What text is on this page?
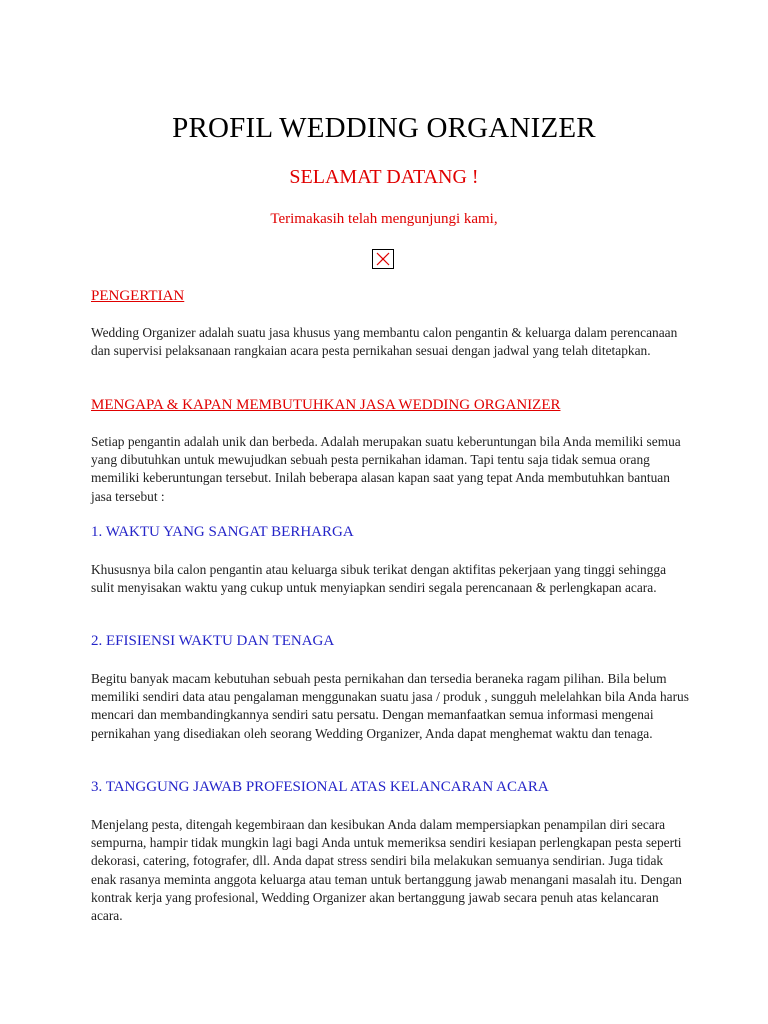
PROFIL WEDDING ORGANIZER

SELAMAT DATANG !

Terimakasih telah mengunjungi kami,

PENGERTIAN

Wedding Organizer adalah suatu jasa khusus yang membantu calon pengantin & keluarga dalam perencanaan dan supervisi pelaksanaan rangkaian acara pesta pernikahan sesuai dengan jadwal yang telah ditetapkan.

MENGAPA & KAPAN MEMBUTUHKAN JASA WEDDING ORGANIZER

Setiap pengantin adalah unik dan berbeda. Adalah merupakan suatu keberuntungan bila Anda memiliki semua yang dibutuhkan untuk mewujudkan sebuah pesta pernikahan idaman. Tapi tentu saja tidak semua orang memiliki keberuntungan tersebut. Inilah beberapa alasan kapan saat yang tepat Anda membutuhkan bantuan jasa tersebut :

1. WAKTU YANG SANGAT BERHARGA

Khususnya bila calon pengantin atau keluarga sibuk terikat dengan aktifitas pekerjaan yang tinggi sehingga sulit menyisakan waktu yang cukup untuk menyiapkan sendiri segala perencanaan & perlengkapan acara.

2. EFISIENSI WAKTU DAN TENAGA

Begitu banyak macam kebutuhan sebuah pesta pernikahan dan tersedia beraneka ragam pilihan. Bila belum memiliki sendiri data atau pengalaman menggunakan suatu jasa / produk , sungguh melelahkan bila Anda harus mencari dan membandingkannya sendiri satu persatu. Dengan memanfaatkan semua informasi mengenai pernikahan yang disediakan oleh seorang Wedding Organizer, Anda dapat menghemat waktu dan tenaga.

3. TANGGUNG JAWAB PROFESIONAL ATAS KELANCARAN ACARA

Menjelang pesta, ditengah kegembiraan dan kesibukan Anda dalam mempersiapkan penampilan diri secara sempurna, hampir tidak mungkin lagi bagi Anda untuk memeriksa sendiri kesiapan perlengkapan pesta seperti dekorasi, catering, fotografer, dll. Anda dapat stress sendiri bila melakukan semuanya sendirian. Juga tidak enak rasanya meminta anggota keluarga atau teman untuk bertanggung jawab menangani masalah itu. Dengan kontrak kerja yang profesional, Wedding Organizer akan bertanggung jawab secara penuh atas kelancaran acara.
